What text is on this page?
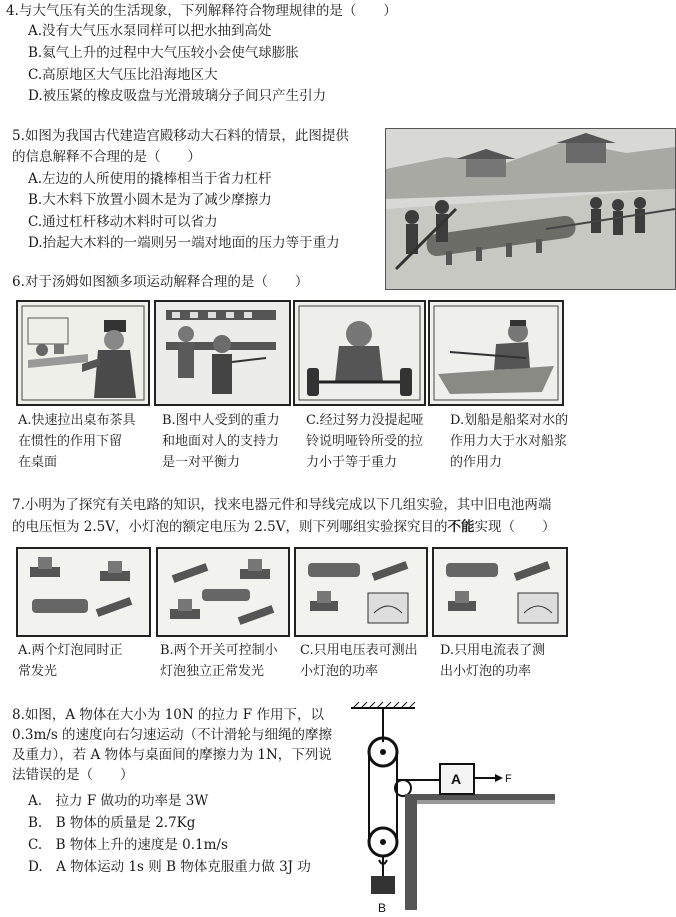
4.与大气压有关的生活现象，下列解释符合物理规律的是（　　）
A.没有大气压水泵同样可以把水抽到高处
B.氦气上升的过程中大气压较小会使气球膨胀
C.高原地区大气压比沿海地区大
D.被压紧的橡皮吸盘与光滑玻璃分子间只产生引力
5.如图为我国古代建造宫殿移动大石料的情景，此图提供
的信息解释不合理的是（　　）
A.左边的人所使用的撬棒相当于省力杠杆
B.大木料下放置小圆木是为了减少摩擦力
C.通过杠杆移动木料时可以省力
D.抬起大木料的一端则另一端对地面的压力等于重力
6.对于汤姆如图额多项运动解释合理的是（　　）
A.快速拉出桌布茶具
在惯性的作用下留
在桌面
B.图中人受到的重力
和地面对人的支持力
是一对平衡力
C.经过努力没提起哑
铃说明哑铃所受的拉
力小于等于重力
D.划船是船桨对水的
作用力大于水对船浆
的作用力
7.小明为了探究有关电路的知识，找来电器元件和导线完成以下几组实验，其中旧电池两端
的电压恒为 2.5V，小灯泡的额定电压为 2.5V，则下列哪组实验探究目的不能实现（　　）
A.两个灯泡同时正
常发光
B.两个开关可控制小
灯泡独立正常发光
C.只用电压表可测出
小灯泡的功率
D.只用电流表了测
出小灯泡的功率
8.如图，A 物体在大小为 10N 的拉力 F 作用下，以
0.3m/s 的速度向右匀速运动（不计滑轮与细绳的摩擦
及重力），若 A 物体与桌面间的摩擦力为 1N，下列说
法错误的是（　　）
A.　拉力 F 做功的功率是 3W
B.　B 物体的质量是 2.7Kg
C.　B 物体上升的速度是 0.1m/s
D.　A 物体运动 1s 则 B 物体克服重力做 3J 功
B
A	F
